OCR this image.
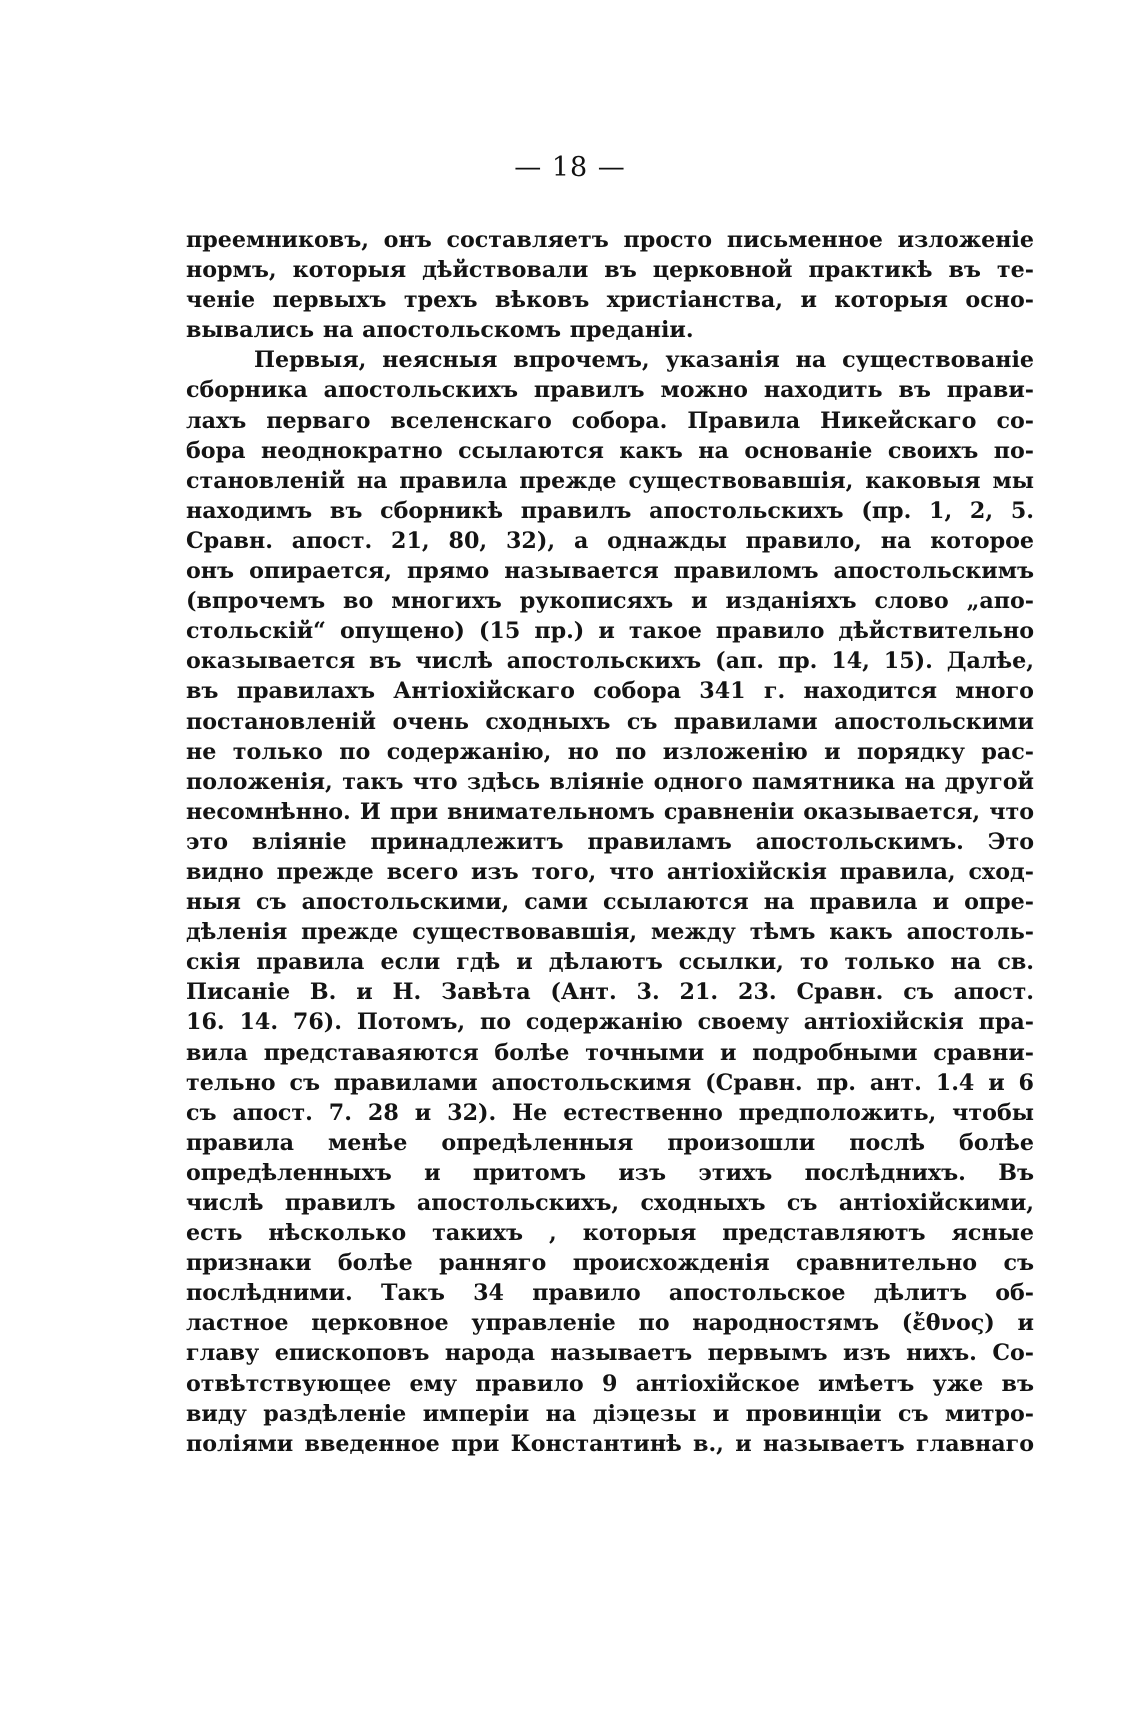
— 18 —
преемниковъ, онъ составляетъ просто письменное изложеніе
нормъ, которыя дѣйствовали въ церковной практикѣ въ те-
ченіе первыхъ трехъ вѣковъ христіанства, и которыя осно-
вывались на апостольскомъ преданіи.
Первыя, неясныя впрочемъ, указанія на существованіе
сборника апостольскихъ правилъ можно находить въ прави-
лахъ перваго вселенскаго собора. Правила Никейскаго со-
бора неоднократно ссылаются какъ на основаніе своихъ по-
становленій на правила прежде существовавшія, каковыя мы
находимъ въ сборникѣ правилъ апостольскихъ (пр. 1, 2, 5.
Сравн. апост. 21, 80, 32), а однажды правило, на которое
онъ опирается, прямо называется правиломъ апостольскимъ
(впрочемъ во многихъ рукописяхъ и изданіяхъ слово „апо-
стольскій“ опущено) (15 пр.) и такое правило дѣйствительно
оказывается въ числѣ апостольскихъ (ап. пр. 14, 15). Далѣе,
въ правилахъ Антіохійскаго собора 341 г. находится много
постановленій очень сходныхъ съ правилами апостольскими
не только по содержанію, но по изложенію и порядку рас-
положенія, такъ что здѣсь вліяніе одного памятника на другой
несомнѣнно. И при внимательномъ сравненіи оказывается, что
это вліяніе принадлежитъ правиламъ апостольскимъ. Это
видно прежде всего изъ того, что антіохійскія правила, сход-
ныя съ апостольскими, сами ссылаются на правила и опре-
дѣленія прежде существовавшія, между тѣмъ какъ апостоль-
скія правила если гдѣ и дѣлаютъ ссылки, то только на св.
Писаніе В. и Н. Завѣта (Ант. 3. 21. 23. Сравн. съ апост.
16. 14. 76). Потомъ, по содержанію своему антіохійскія пра-
вила представаяются болѣе точными и подробными сравни-
тельно съ правилами апостольскимя (Сравн. пр. ант. 1.4 и 6
съ апост. 7. 28 и 32). Не естественно предположить, чтобы
правила менѣе опредѣленныя произошли послѣ болѣе
опредѣленныхъ и притомъ изъ этихъ послѣднихъ. Въ
числѣ правилъ апостольскихъ, сходныхъ съ антіохійскими,
есть нѣсколько такихъ , которыя представляютъ ясные
признаки болѣе ранняго происхожденія сравнительно съ
послѣдними. Такъ 34 правило апостольское дѣлитъ об-
ластное церковное управленіе по народностямъ (ἔθνος) и
главу епископовъ народа называетъ первымъ изъ нихъ. Со-
отвѣтствующее ему правило 9 антіохійское имѣетъ уже въ
виду раздѣленіе имперіи на діэцезы и провинціи съ митро-
поліями введенное при Константинѣ в., и называетъ главнаго
